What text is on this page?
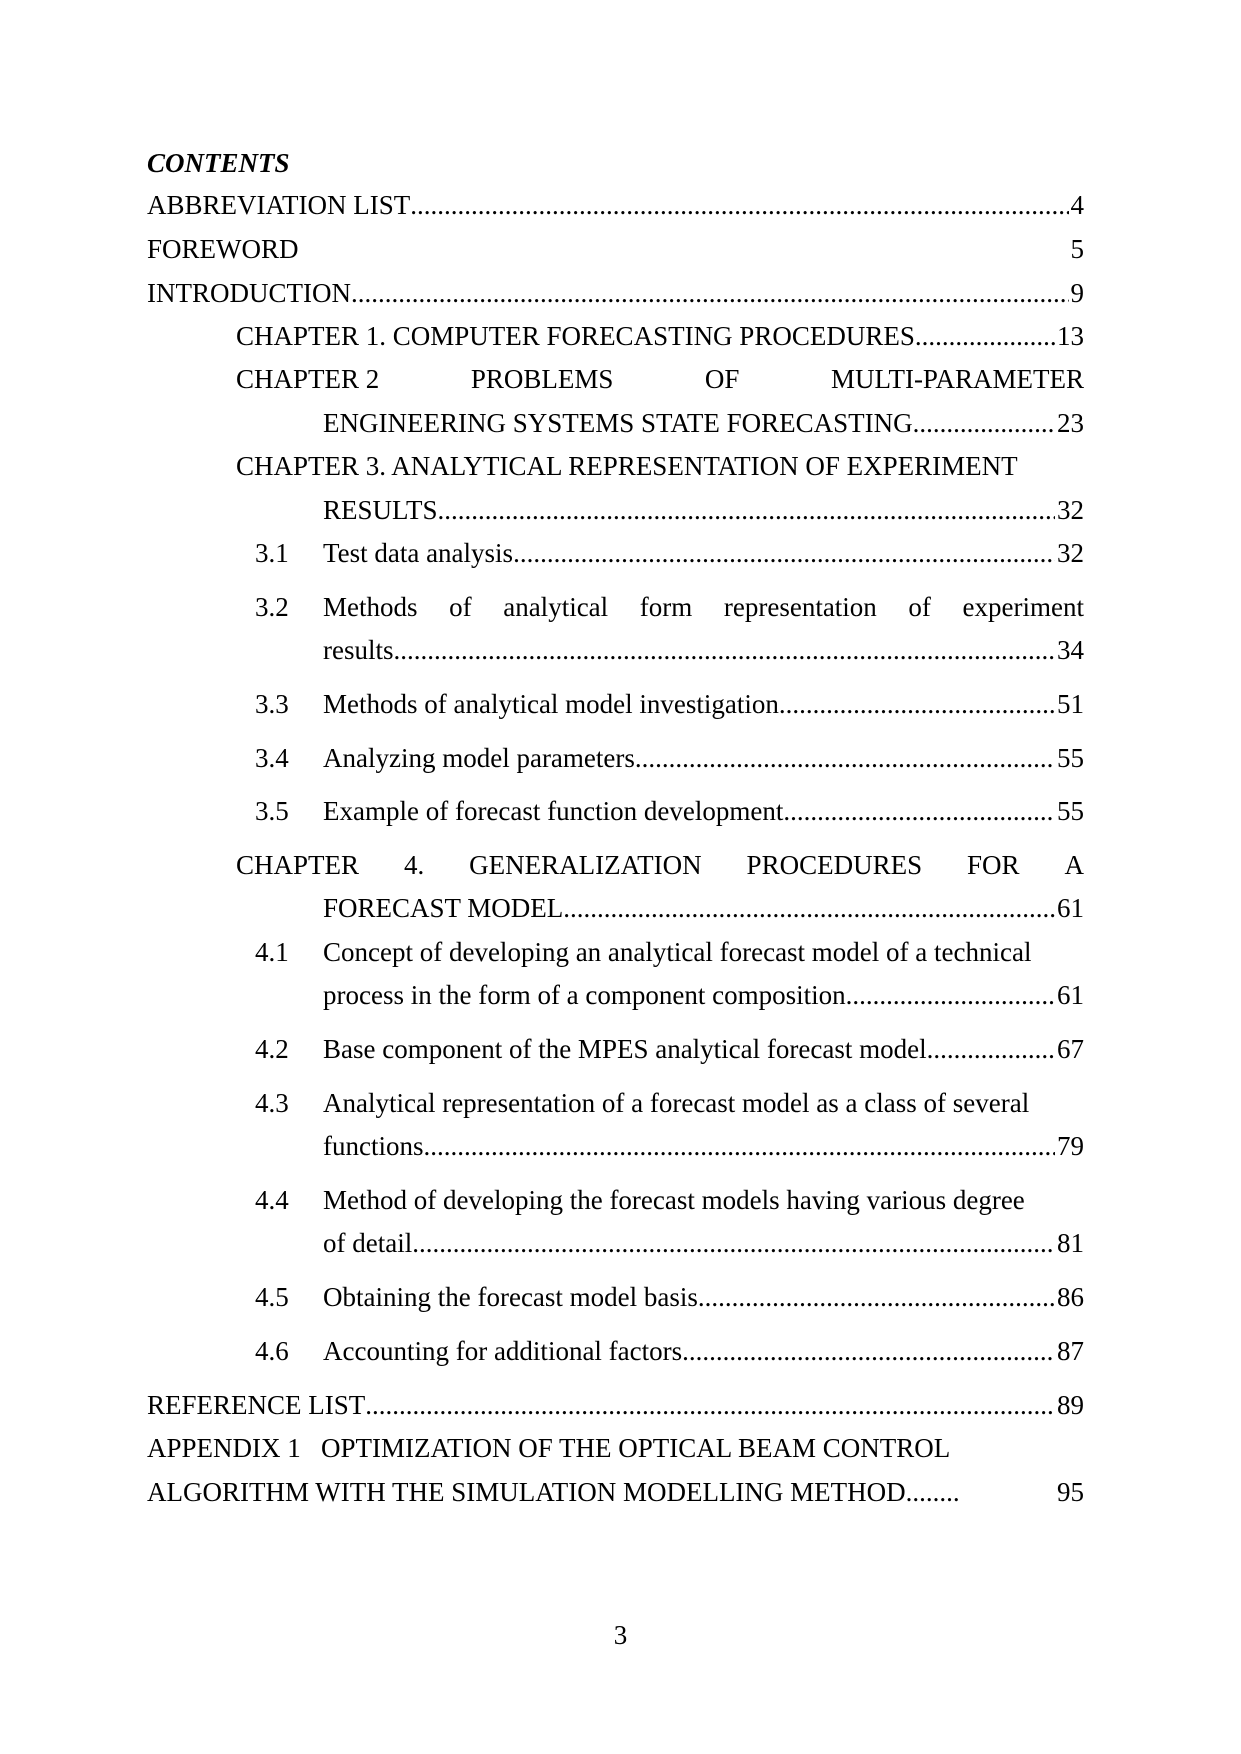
CONTENTS
ABBREVIATION LIST .....	4
FOREWORD	5
INTRODUCTION .....	9
CHAPTER 1. COMPUTER FORECASTING PROCEDURES .....	13
CHAPTER 2	PROBLEMS	OF	MULTI-PARAMETER
ENGINEERING SYSTEMS STATE FORECASTING .....	23
CHAPTER 3. ANALYTICAL REPRESENTATION OF EXPERIMENT
RESULTS .....	32
3.1 Test data analysis .....	32
3.2 Methods of analytical form representation of experiment
results .....	34
3.3 Methods of analytical model investigation .....	51
3.4 Analyzing model parameters .....	55
3.5 Example of forecast function development .....	55
CHAPTER 4. GENERALIZATION PROCEDURES FOR A
FORECAST MODEL .....	61
4.1 Concept of developing an analytical forecast model of a technical
process in the form of a component composition .....	61
4.2 Base component of the MPES analytical forecast model .....	67
4.3 Analytical representation of a forecast model as a class of several
functions .....	79
4.4 Method of developing the forecast models having various degree
of detail .....	81
4.5 Obtaining the forecast model basis .....	86
4.6 Accounting for additional factors .....	87
REFERENCE LIST .....	89
APPENDIX 1   OPTIMIZATION OF THE OPTICAL BEAM CONTROL
ALGORITHM WITH THE SIMULATION MODELLING METHOD........	95
3
